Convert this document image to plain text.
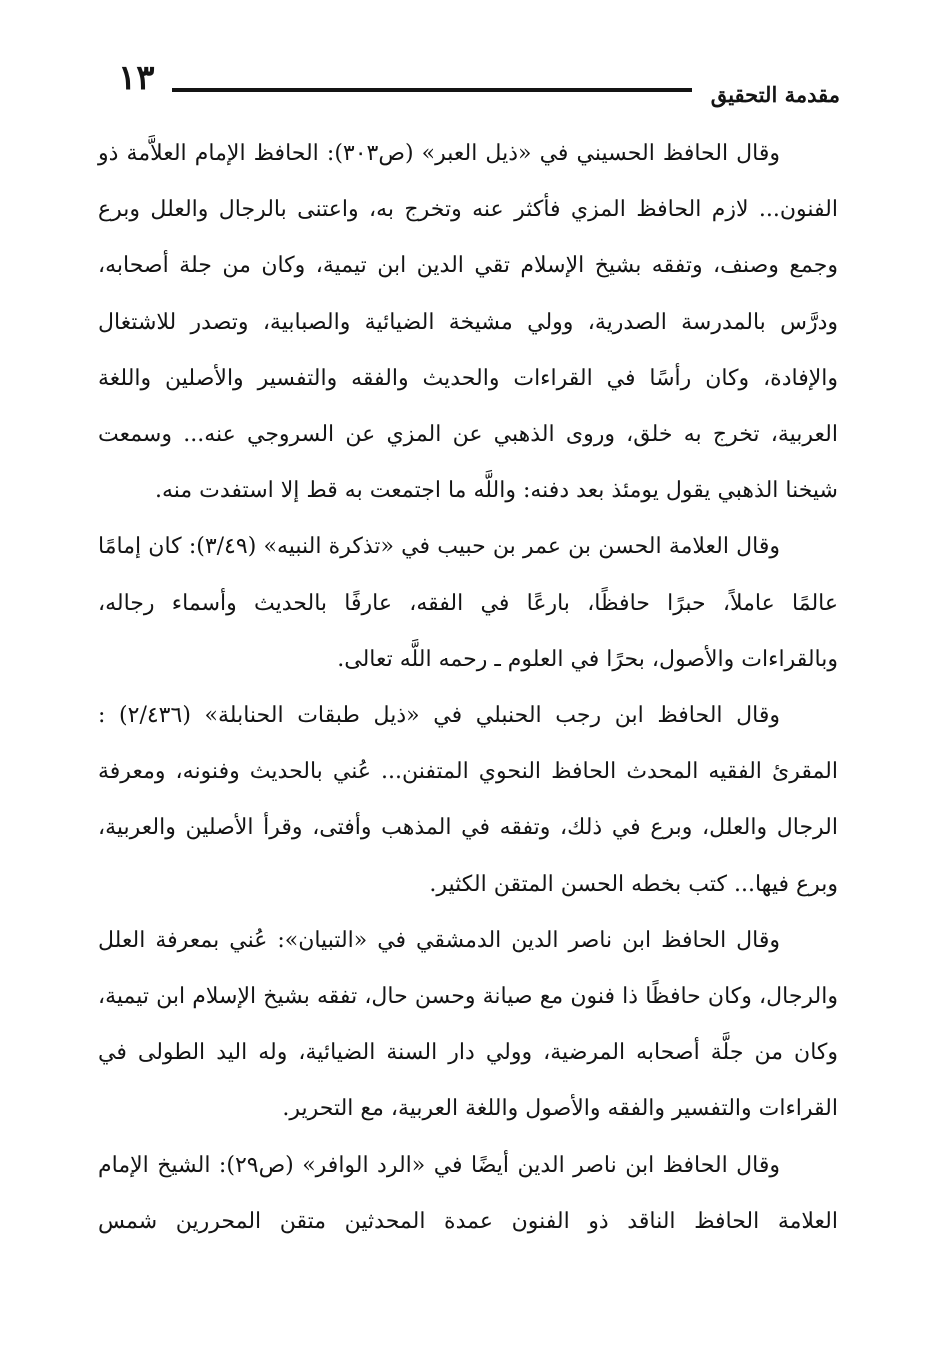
١٣	مقدمة التحقيق

وقال الحافظ الحسيني في «ذيل العبر» (ص٣٠٣): الحافظ الإمام العلاَّمة ذو الفنون... لازم الحافظ المزي فأكثر عنه وتخرج به، واعتنى بالرجال والعلل وبرع وجمع وصنف، وتفقه بشيخ الإسلام تقي الدين ابن تيمية، وكان من جلة أصحابه، ودرَّس بالمدرسة الصدرية، وولي مشيخة الضيائية والصبابية، وتصدر للاشتغال والإفادة، وكان رأسًا في القراءات والحديث والفقه والتفسير والأصلين واللغة العربية، تخرج به خلق، وروى الذهبي عن المزي عن السروجي عنه... وسمعت شيخنا الذهبي يقول يومئذ بعد دفنه: واللَّه ما اجتمعت به قط إلا استفدت منه.

وقال العلامة الحسن بن عمر بن حبيب في «تذكرة النبيه» (٣/٤٩): كان إمامًا عالمًا عاملاً، حبرًا حافظًا، بارعًا في الفقه، عارفًا بالحديث وأسماء رجاله، وبالقراءات والأصول، بحرًا في العلوم ـ رحمه اللَّه تعالى.

وقال الحافظ ابن رجب الحنبلي في «ذيل طبقات الحنابلة» (٢/٤٣٦) : المقرئ الفقيه المحدث الحافظ النحوي المتفنن... عُني بالحديث وفنونه، ومعرفة الرجال والعلل، وبرع في ذلك، وتفقه في المذهب وأفتى، وقرأ الأصلين والعربية، وبرع فيها... كتب بخطه الحسن المتقن الكثير.

وقال الحافظ ابن ناصر الدين الدمشقي في «التبيان»: عُني بمعرفة العلل والرجال، وكان حافظًا ذا فنون مع صيانة وحسن حال، تفقه بشيخ الإسلام ابن تيمية، وكان من جلَّة أصحابه المرضية، وولي دار السنة الضيائية، وله اليد الطولى في القراءات والتفسير والفقه والأصول واللغة العربية، مع التحرير.

وقال الحافظ ابن ناصر الدين أيضًا في «الرد الوافر» (ص٢٩): الشيخ الإمام العلامة الحافظ الناقد ذو الفنون عمدة المحدثين متقن المحررين شمس
